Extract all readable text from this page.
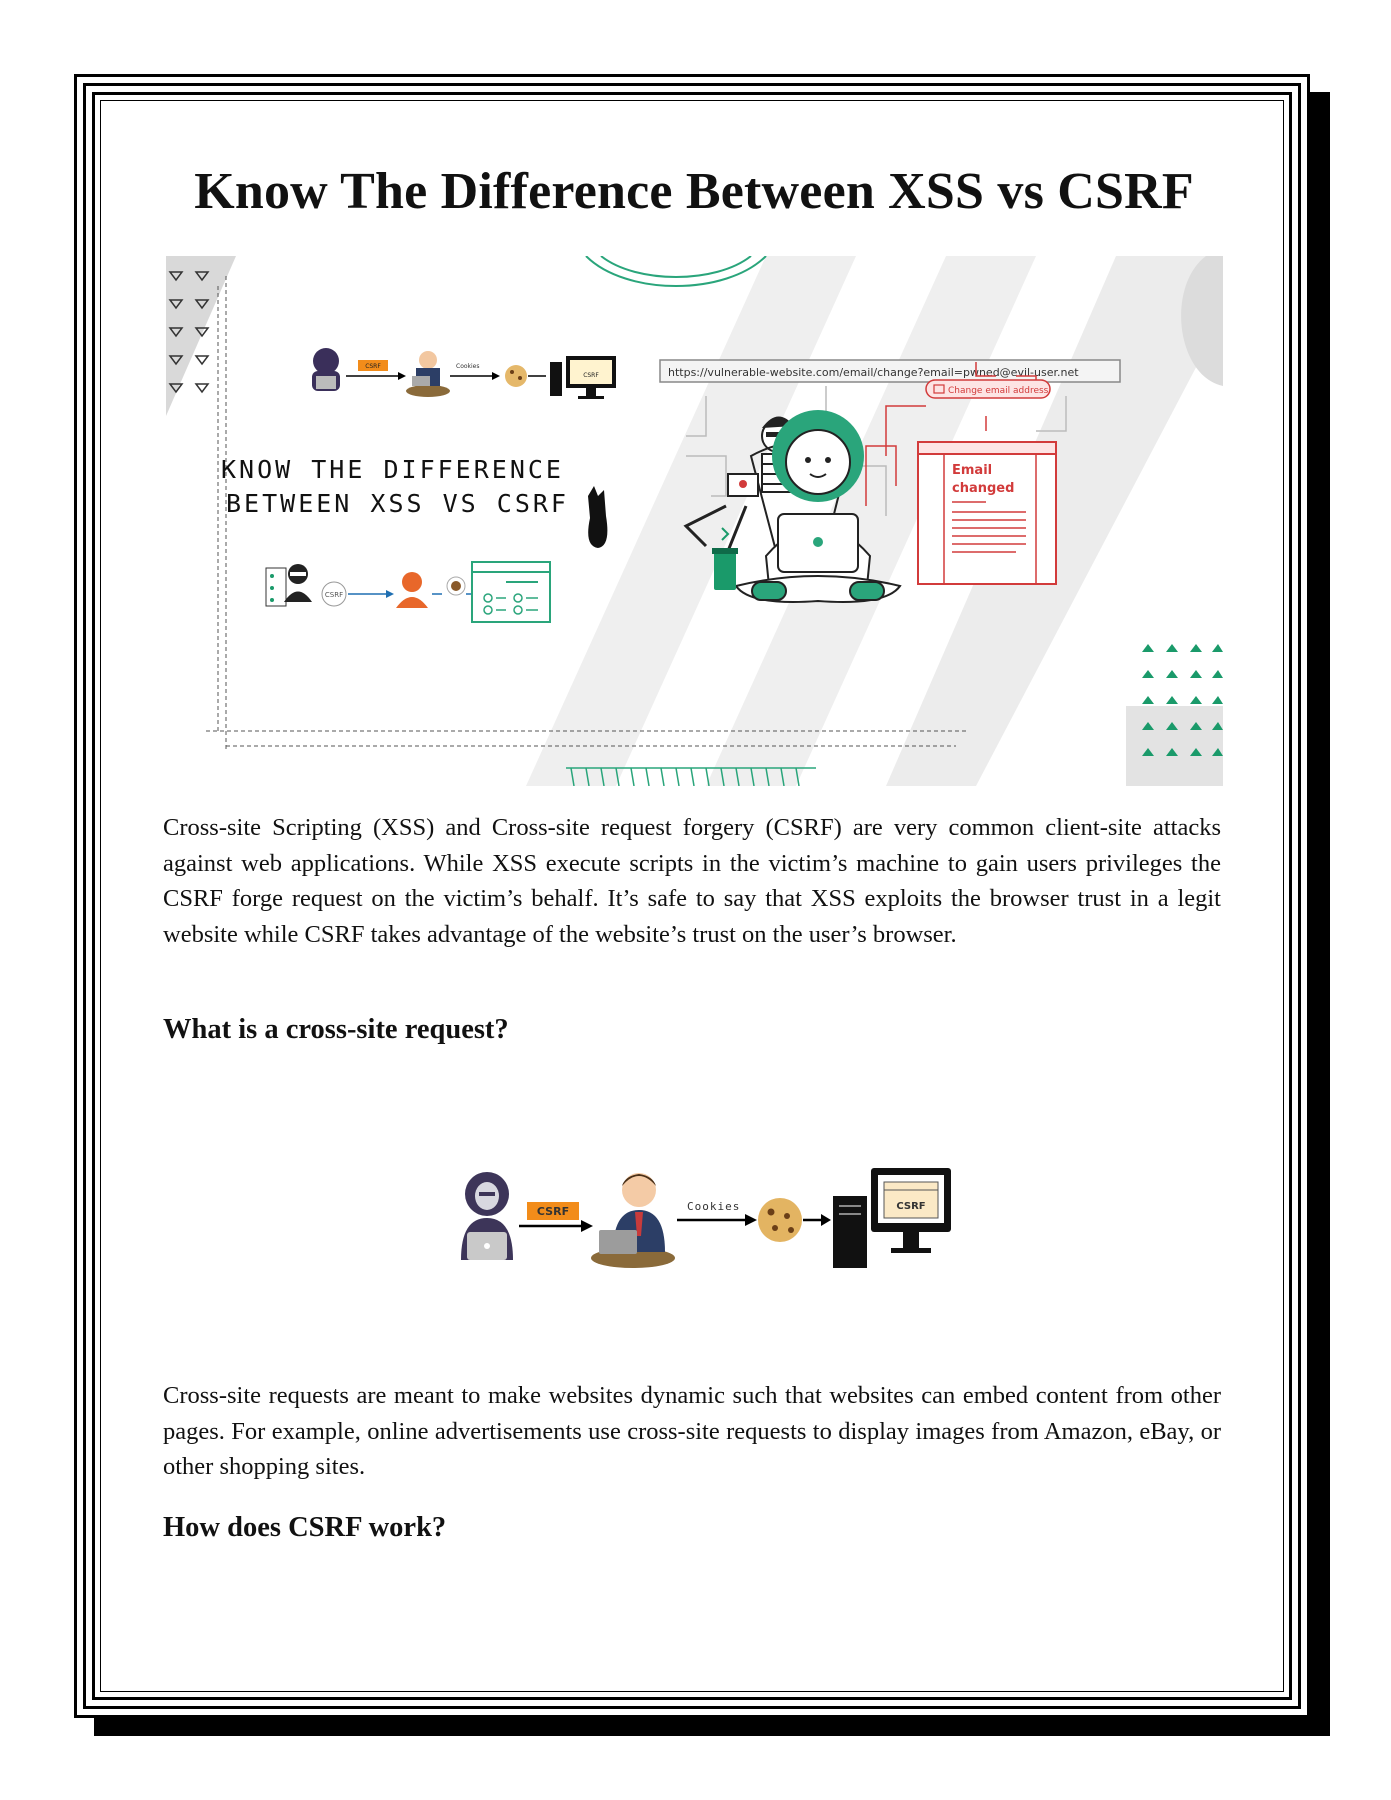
Know The Difference Between XSS vs CSRF
CSRF	Cookies
CSRF
KNOW THE DIFFERENCE
BETWEEN XSS VS CSRF
CSRF
https://vulnerable-website.com/email/change?email=pwned@evil-user.net
Change email address
Email
changed

Cross-site Scripting (XSS) and Cross-site request forgery (CSRF) are very common client-site attacks against web applications. While XSS execute scripts in the victim’s machine to gain users privileges the CSRF forge request on the victim’s behalf. It’s safe to say that XSS exploits the browser trust in a legit website while CSRF takes advantage of the website’s trust on the user’s browser.

What is a cross-site request?
CSRF	Cookies	CSRF

Cross-site requests are meant to make websites dynamic such that websites can embed content from other pages. For example, online advertisements use cross-site requests to display images from Amazon, eBay, or other shopping sites.

How does CSRF work?
